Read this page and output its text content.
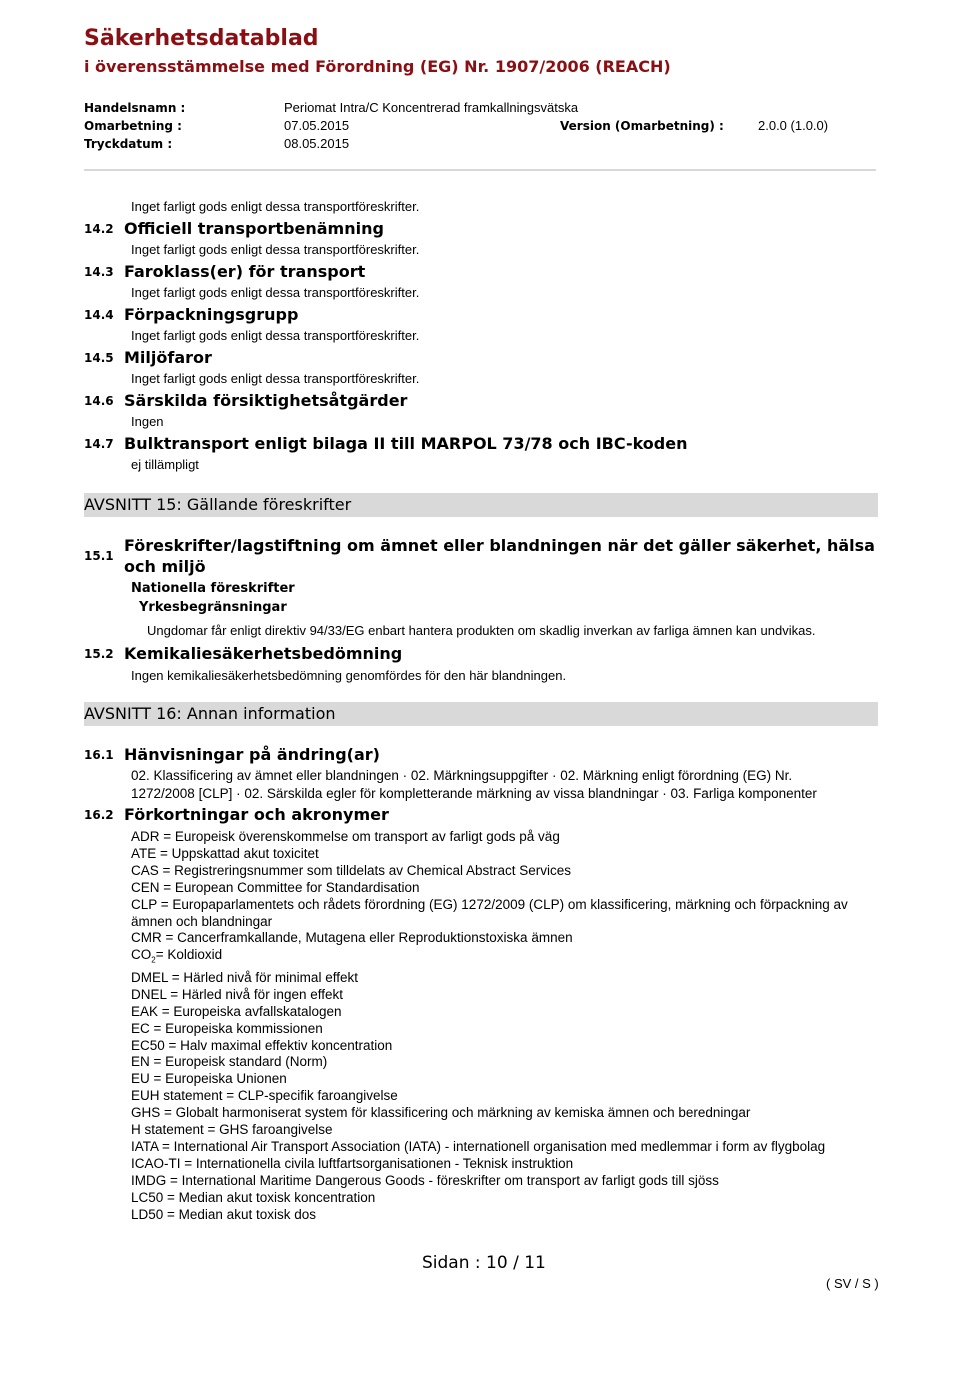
Säkerhetsdatablad
i överensstämmelse med Förordning (EG) Nr. 1907/2006 (REACH)
Handelsnamn :	Periomat Intra/C Koncentrerad framkallningsvätska
Omarbetning :	07.05.2015	Version (Omarbetning) :	2.0.0 (1.0.0)
Tryckdatum :	08.05.2015
Inget farligt gods enligt dessa transportföreskrifter.
14.2 Officiell transportbenämning
Inget farligt gods enligt dessa transportföreskrifter.
14.3 Faroklass(er) för transport
Inget farligt gods enligt dessa transportföreskrifter.
14.4 Förpackningsgrupp
Inget farligt gods enligt dessa transportföreskrifter.
14.5 Miljöfaror
Inget farligt gods enligt dessa transportföreskrifter.
14.6 Särskilda försiktighetsåtgärder
Ingen
14.7 Bulktransport enligt bilaga II till MARPOL 73/78 och IBC-koden
ej tillämpligt
AVSNITT 15: Gällande föreskrifter
15.1
Föreskrifter/lagstiftning om ämnet eller blandningen när det gäller säkerhet, hälsa
och miljö
Nationella föreskrifter
Yrkesbegränsningar
Ungdomar får enligt direktiv 94/33/EG enbart hantera produkten om skadlig inverkan av farliga ämnen kan undvikas.
15.2 Kemikaliesäkerhetsbedömning
Ingen kemikaliesäkerhetsbedömning genomfördes för den här blandningen.
AVSNITT 16: Annan information
16.1 Hänvisningar på ändring(ar)
02. Klassificering av ämnet eller blandningen · 02. Märkningsuppgifter · 02. Märkning enligt förordning (EG) Nr.
1272/2008 [CLP] · 02. Särskilda egler för kompletterande märkning av vissa blandningar · 03. Farliga komponenter
16.2 Förkortningar och akronymer
ADR = Europeisk överenskommelse om transport av farligt gods på väg
ATE = Uppskattad akut toxicitet
CAS = Registreringsnummer som tilldelats av Chemical Abstract Services
CEN = European Committee for Standardisation
CLP = Europaparlamentets och rådets förordning (EG) 1272/2009 (CLP) om klassificering, märkning och förpackning av ämnen och blandningar
CMR = Cancerframkallande, Mutagena eller Reproduktionstoxiska ämnen
$CO_2=$ Koldioxid
DMEL = Härled nivå för minimal effekt
DNEL = Härled nivå för ingen effekt
EAK = Europeiska avfallskatalogen
EC = Europeiska kommissionen
EC50 = Halv maximal effektiv koncentration
EN = Europeisk standard (Norm)
EU = Europeiska Unionen
EUH statement = CLP-specifik faroangivelse
GHS = Globalt harmoniserat system för klassificering och märkning av kemiska ämnen och beredningar
H statement = GHS faroangivelse
IATA = International Air Transport Association (IATA) - internationell organisation med medlemmar i form av flygbolag
ICAO-TI = Internationella civila luftfartsorganisationen - Teknisk instruktion
IMDG = International Maritime Dangerous Goods - föreskrifter om transport av farligt gods till sjöss
LC50 = Median akut toxisk koncentration
LD50 = Median akut toxisk dos
Sidan : 10 / 11
( SV / S )
